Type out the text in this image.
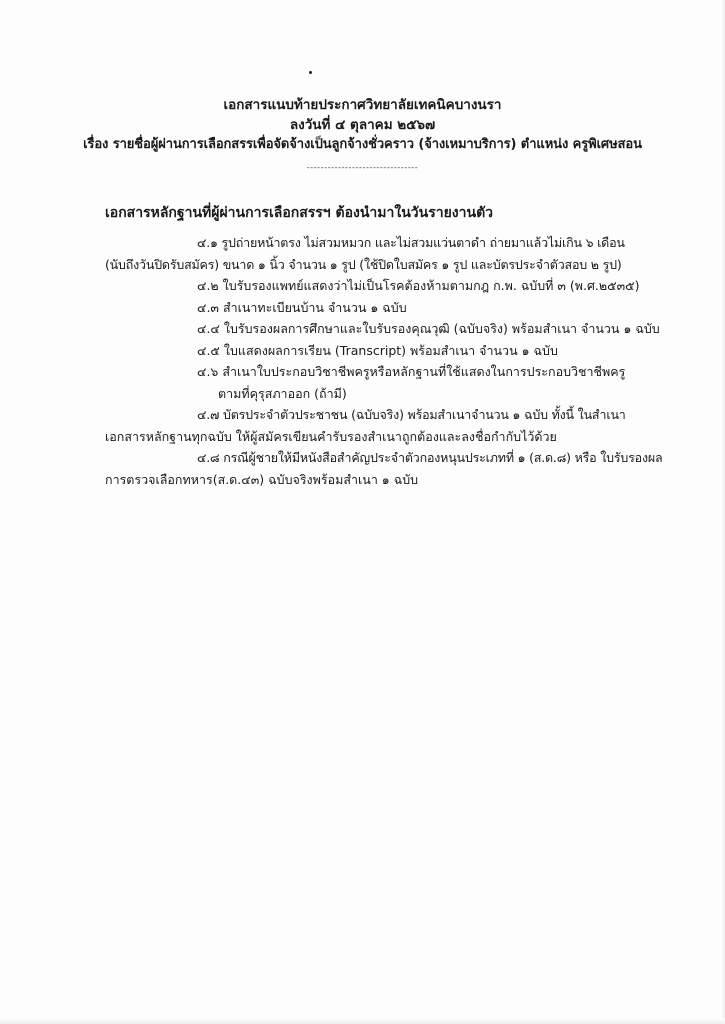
เอกสารแนบท้ายประกาศวิทยาลัยเทคนิคบางนรา
ลงวันที่ ๔ ตุลาคม ๒๕๖๗
เรื่อง รายชื่อผู้ผ่านการเลือกสรรเพื่อจัดจ้างเป็นลูกจ้างชั่วคราว (จ้างเหมาบริการ) ตำแหน่ง ครูพิเศษสอน
--------------------------------
เอกสารหลักฐานที่ผู้ผ่านการเลือกสรรฯ ต้องนำมาในวันรายงานตัว

๔.๑ รูปถ่ายหน้าตรง ไม่สวมหมวก และไม่สวมแว่นตาดำ ถ่ายมาแล้วไม่เกิน ๖ เดือน
(นับถึงวันปิดรับสมัคร) ขนาด ๑ นิ้ว จำนวน ๑ รูป (ใช้ปิดใบสมัคร ๑ รูป และบัตรประจำตัวสอบ ๒ รูป)

๔.๒ ใบรับรองแพทย์แสดงว่าไม่เป็นโรคต้องห้ามตามกฎ ก.พ. ฉบับที่ ๓ (พ.ศ.๒๕๓๕)

๔.๓ สำเนาทะเบียนบ้าน จำนวน ๑ ฉบับ

๔.๔ ใบรับรองผลการศึกษาและใบรับรองคุณวุฒิ (ฉบับจริง) พร้อมสำเนา จำนวน ๑ ฉบับ

๔.๕ ใบแสดงผลการเรียน (Transcript) พร้อมสำเนา จำนวน ๑ ฉบับ

๔.๖ สำเนาใบประกอบวิชาชีพครูหรือหลักฐานที่ใช้แสดงในการประกอบวิชาชีพครู
ตามที่คุรุสภาออก (ถ้ามี)

๔.๗ บัตรประจำตัวประชาชน (ฉบับจริง) พร้อมสำเนาจำนวน ๑ ฉบับ ทั้งนี้ ในสำเนา
เอกสารหลักฐานทุกฉบับ ให้ผู้สมัครเขียนคำรับรองสำเนาถูกต้องและลงชื่อกำกับไว้ด้วย

๔.๘ กรณีผู้ชายให้มีหนังสือสำคัญประจำตัวกองหนุนประเภทที่ ๑ (ส.ด.๘) หรือ ใบรับรองผล
การตรวจเลือกทหาร(ส.ด.๔๓) ฉบับจริงพร้อมสำเนา ๑ ฉบับ
